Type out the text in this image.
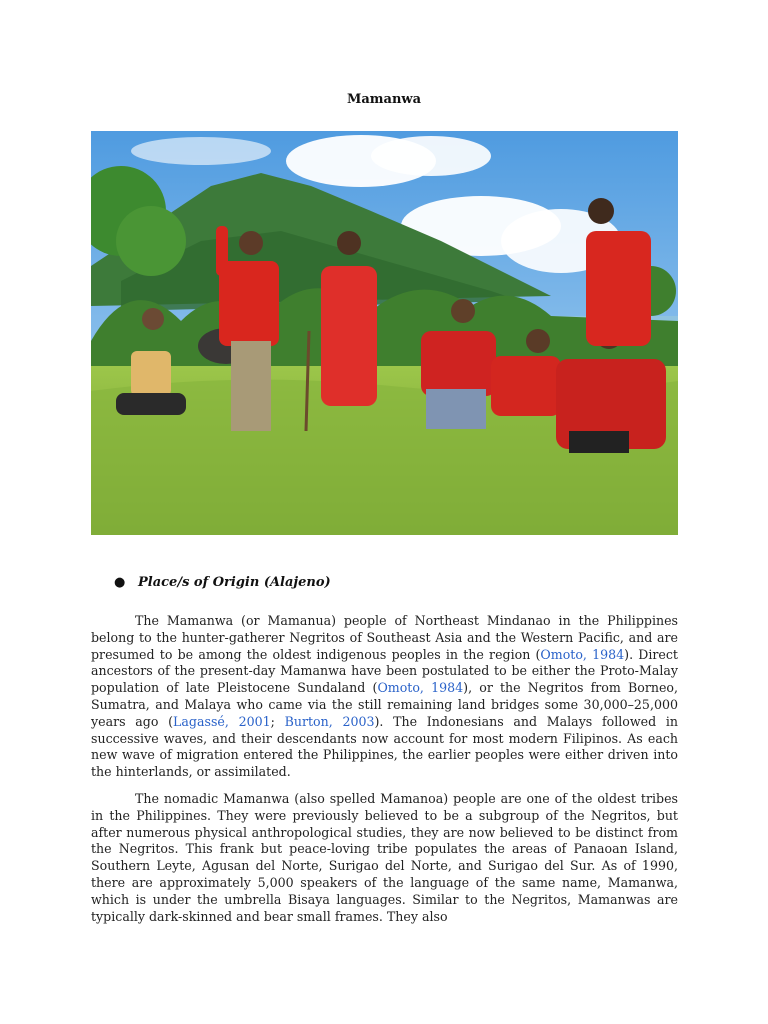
Mamanwa
● Place/s of Origin (Alajeno)

The Mamanwa (or Mamanua) people of Northeast Mindanao in the Philippines belong to the hunter-gatherer Negritos of Southeast Asia and the Western Pacific, and are presumed to be among the oldest indigenous peoples in the region (Omoto, 1984). Direct ancestors of the present-day Mamanwa have been postulated to be either the Proto-Malay population of late Pleistocene Sundaland (Omoto, 1984), or the Negritos from Borneo, Sumatra, and Malaya who came via the still remaining land bridges some 30,000–25,000 years ago (Lagassé, 2001; Burton, 2003). The Indonesians and Malays followed in successive waves, and their descendants now account for most modern Filipinos. As each new wave of migration entered the Philippines, the earlier peoples were either driven into the hinterlands, or assimilated.

The nomadic Mamanwa (also spelled Mamanoa) people are one of the oldest tribes in the Philippines. They were previously believed to be a subgroup of the Negritos, but after numerous physical anthropological studies, they are now believed to be distinct from the Negritos. This frank but peace-loving tribe populates the areas of Panaoan Island, Southern Leyte, Agusan del Norte, Surigao del Norte, and Surigao del Sur. As of 1990, there are approximately 5,000 speakers of the language of the same name, Mamanwa, which is under the umbrella Bisaya languages. Similar to the Negritos, Mamanwas are typically dark-skinned and bear small frames. They also
